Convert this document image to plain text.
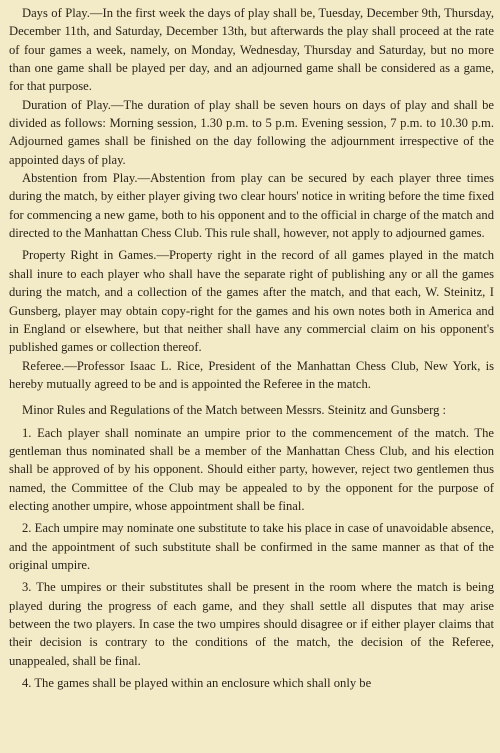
Days of Play.—In the first week the days of play shall be, Tuesday, December 9th, Thursday, December 11th, and Saturday, December 13th, but afterwards the play shall proceed at the rate of four games a week, namely, on Monday, Wednesday, Thursday and Saturday, but no more than one game shall be played per day, and an adjourned game shall be considered as a game, for that purpose.

Duration of Play.—The duration of play shall be seven hours on days of play and shall be divided as follows: Morning session, 1.30 p.m. to 5 p.m. Evening session, 7 p.m. to 10.30 p.m. Adjourned games shall be finished on the day following the adjournment irrespective of the appointed days of play.

Abstention from Play.—Abstention from play can be secured by each player three times during the match, by either player giving two clear hours' notice in writing before the time fixed for commencing a new game, both to his opponent and to the official in charge of the match and directed to the Manhattan Chess Club. This rule shall, however, not apply to adjourned games.

Property Right in Games.—Property right in the record of all games played in the match shall inure to each player who shall have the separate right of publishing any or all the games during the match, and a collection of the games after the match, and that each, W. Steinitz, I Gunsberg, player may obtain copy-right for the games and his own notes both in America and in England or elsewhere, but that neither shall have any commercial claim on his opponent's published games or collection thereof.

Referee.—Professor Isaac L. Rice, President of the Manhattan Chess Club, New York, is hereby mutually agreed to be and is appointed the Referee in the match.

Minor Rules and Regulations of the Match between Messrs. Steinitz and Gunsberg :

1. Each player shall nominate an umpire prior to the commencement of the match. The gentleman thus nominated shall be a member of the Manhattan Chess Club, and his election shall be approved of by his opponent. Should either party, however, reject two gentlemen thus named, the Committee of the Club may be appealed to by the opponent for the purpose of electing another umpire, whose appointment shall be final.

2. Each umpire may nominate one substitute to take his place in case of unavoidable absence, and the appointment of such substitute shall be confirmed in the same manner as that of the original umpire.

3. The umpires or their substitutes shall be present in the room where the match is being played during the progress of each game, and they shall settle all disputes that may arise between the two players. In case the two umpires should disagree or if either player claims that their decision is contrary to the conditions of the match, the decision of the Referee, unappealed, shall be final.

4. The games shall be played within an enclosure which shall only be
